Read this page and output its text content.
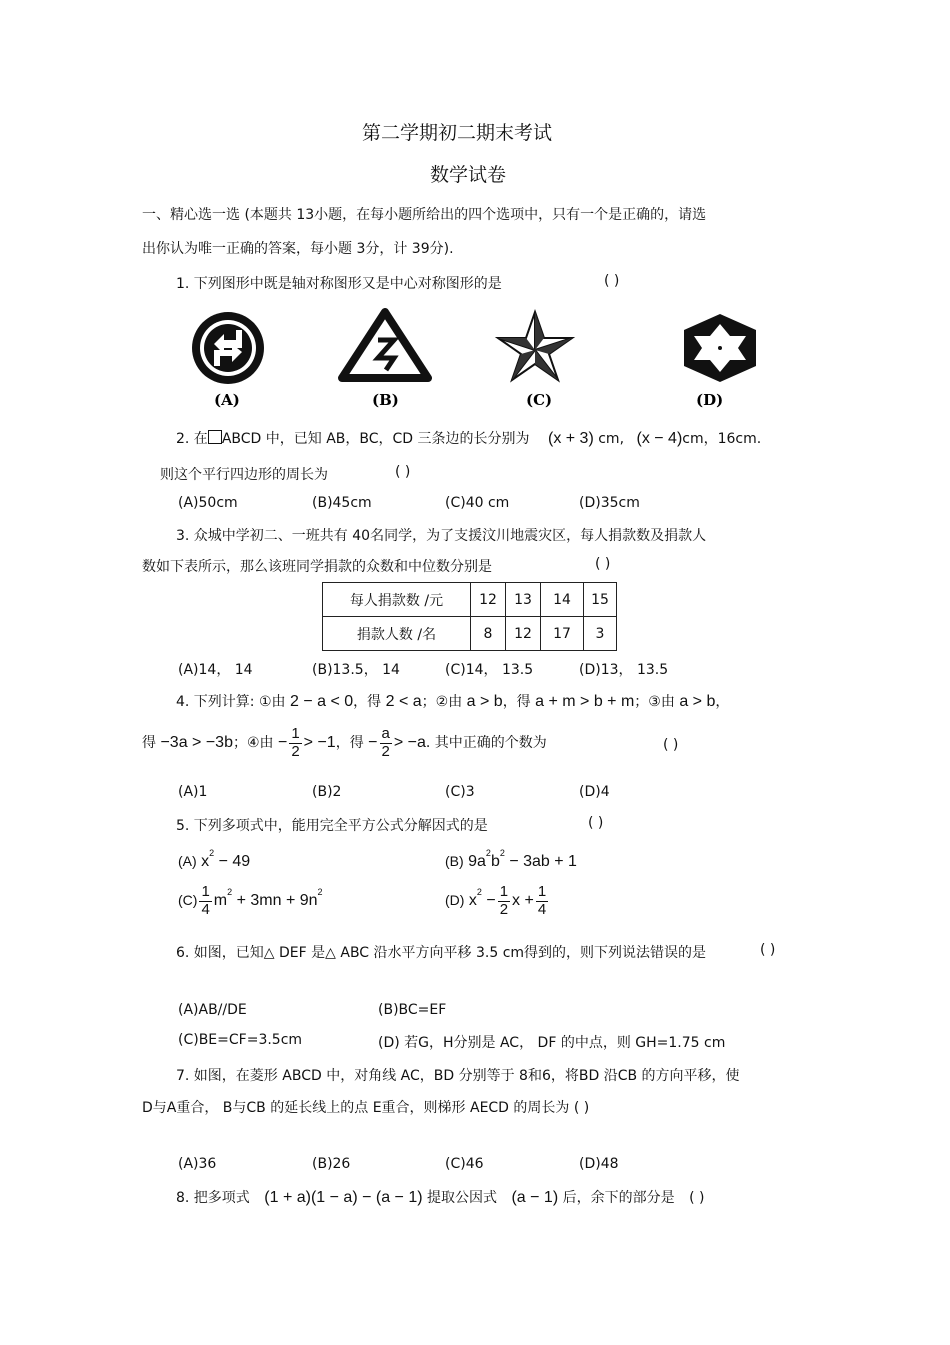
第二学期初二期末考试
数学试卷
一、精心选一选 (本题共 13小题，在每小题所给出的四个选项中，只有一个是正确的，请选
出你认为唯一正确的答案，每小题 3分，计 39分).
1. 下列图形中既是轴对称图形又是中心对称图形的是	( )
(A)	(B)	(C)	(D)
2. 在 ABCD 中，已知 AB，BC，CD 三条边的长分别为 (x + 3) cm, (x − 4)cm，16cm.
则这个平行四边形的周长为	( )
(A)50cm	(B)45cm	(C)40 cm	(D)35cm
3. 众城中学初二、一班共有 40名同学，为了支援汶川地震灾区，每人捐款数及捐款人
数如下表所示，那么该班同学捐款的众数和中位数分别是	( )
每人捐款数 /元	12	13	14	15
捐款人数 /名	8	12	17	3
(A)14， 14	(B)13.5， 14	(C)14， 13.5	(D)13， 13.5
4. 下列计算: ①由 2 − a < 0，得 2 < a；②由 a > b，得 a + m > b + m；③由 a > b，
得 −3a > −3b；④由 − $\frac{1}{2} > -1$，得 − $\frac{a}{2} > -a$. 其中正确的个数为	( )
(A)1	(B)2	(C)3	(D)4
5. 下列多项式中，能用完全平方公式分解因式的是	( )
(A) $x^2 - 49$	(B) $9a^2b^2 - 3ab + 1$
$(C) \frac{1}{4} m^2 + 3mn + 9n^2$	(D) $x^2 - \frac{1}{2}$ $x + \frac{1}{4}$
6. 如图，已知△ DEF 是△ ABC 沿水平方向平移 3.5 cm得到的，则下列说法错误的是	( )
(A)AB//DE	(B)BC=EF
(C)BE=CF=3.5cm	(D) 若G，H分别是 AC， DF 的中点，则 GH=1.75 cm
7. 如图，在菱形 ABCD 中，对角线 AC，BD 分别等于 8和6，将BD 沿CB 的方向平移，使
D与A重合， B与CB 的延长线上的点 E重合，则梯形 AECD 的周长为 ( )
(A)36	(B)26	(C)46	(D)48
8. 把多项式 (1 + a)(1 − a) − (a − 1) 提取公因式 (a − 1) 后，余下的部分是 ( )
